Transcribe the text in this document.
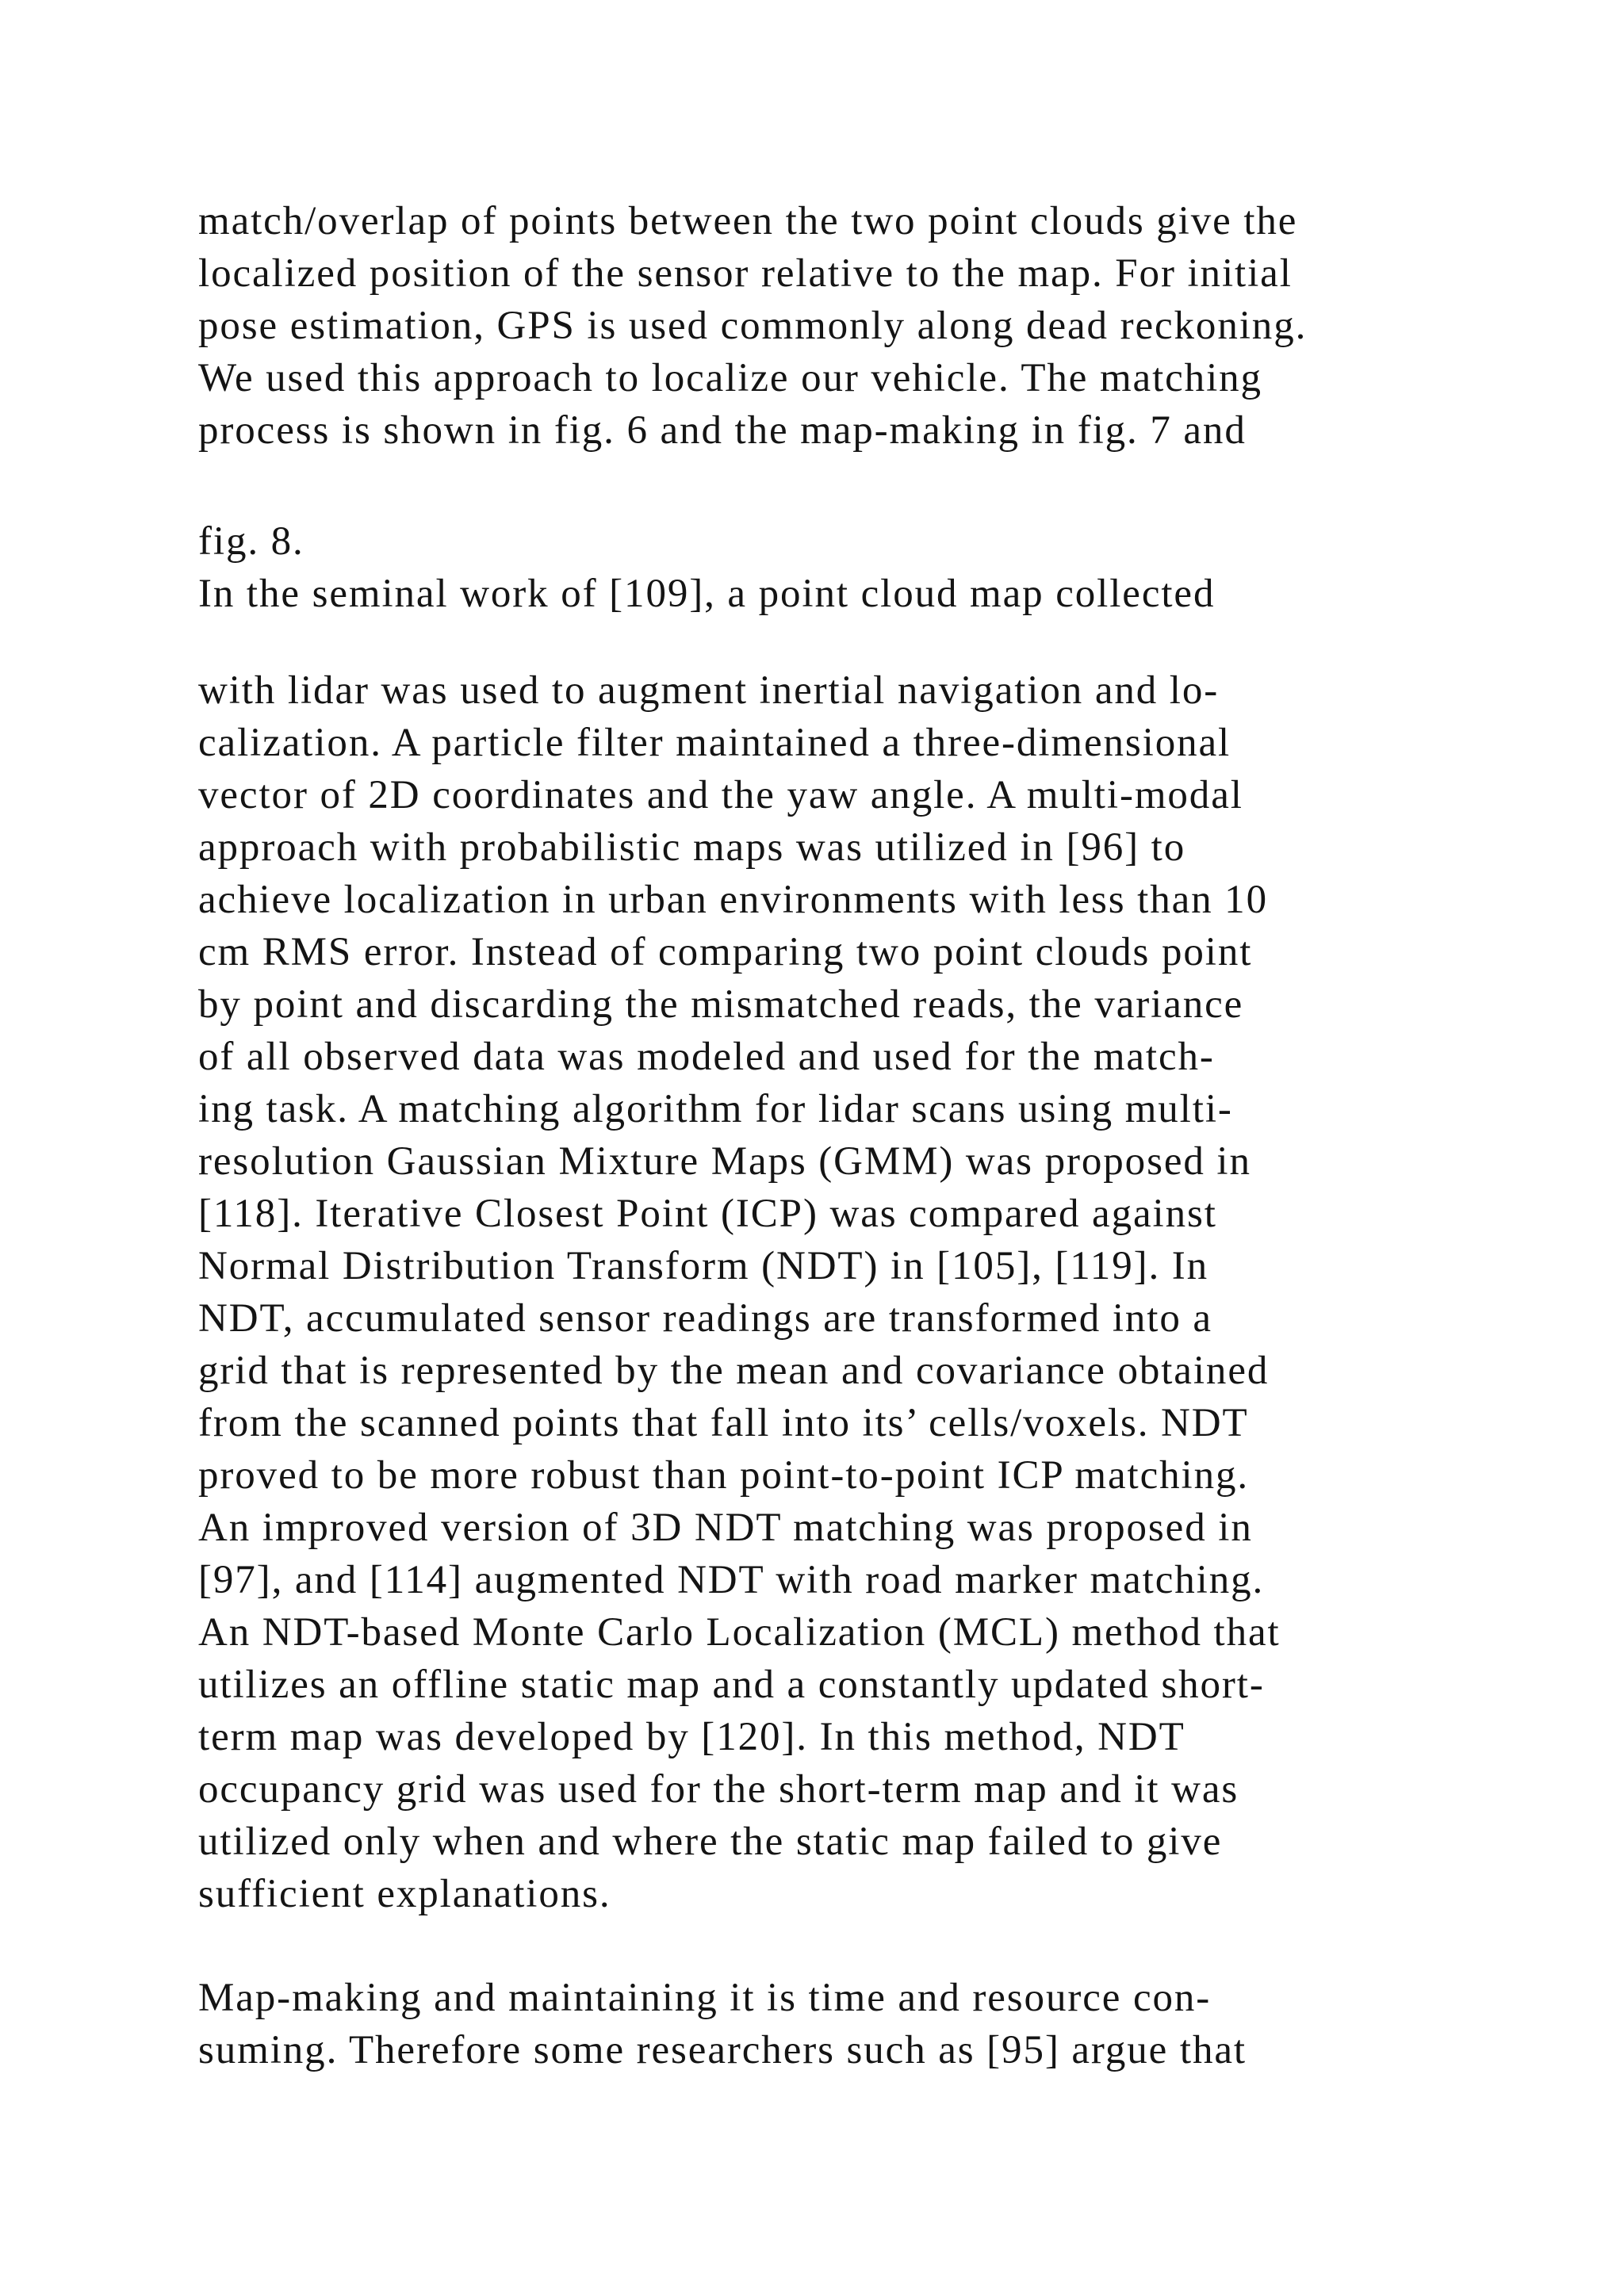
match/overlap of points between the two point clouds give the
localized position of the sensor relative to the map. For initial
pose estimation, GPS is used commonly along dead reckoning.
We used this approach to localize our vehicle. The matching
process is shown in fig. 6 and the map-making in fig. 7 and

fig. 8.
In the seminal work of [109], a point cloud map collected

with lidar was used to augment inertial navigation and lo-
calization. A particle filter maintained a three-dimensional
vector of 2D coordinates and the yaw angle. A multi-modal
approach with probabilistic maps was utilized in [96] to
achieve localization in urban environments with less than 10
cm RMS error. Instead of comparing two point clouds point
by point and discarding the mismatched reads, the variance
of all observed data was modeled and used for the match-
ing task. A matching algorithm for lidar scans using multi-
resolution Gaussian Mixture Maps (GMM) was proposed in
[118]. Iterative Closest Point (ICP) was compared against
Normal Distribution Transform (NDT) in [105], [119]. In
NDT, accumulated sensor readings are transformed into a
grid that is represented by the mean and covariance obtained
from the scanned points that fall into its’ cells/voxels. NDT
proved to be more robust than point-to-point ICP matching.
An improved version of 3D NDT matching was proposed in
[97], and [114] augmented NDT with road marker matching.
An NDT-based Monte Carlo Localization (MCL) method that
utilizes an offline static map and a constantly updated short-
term map was developed by [120]. In this method, NDT
occupancy grid was used for the short-term map and it was
utilized only when and where the static map failed to give
sufficient explanations.

Map-making and maintaining it is time and resource con-
suming. Therefore some researchers such as [95] argue that
